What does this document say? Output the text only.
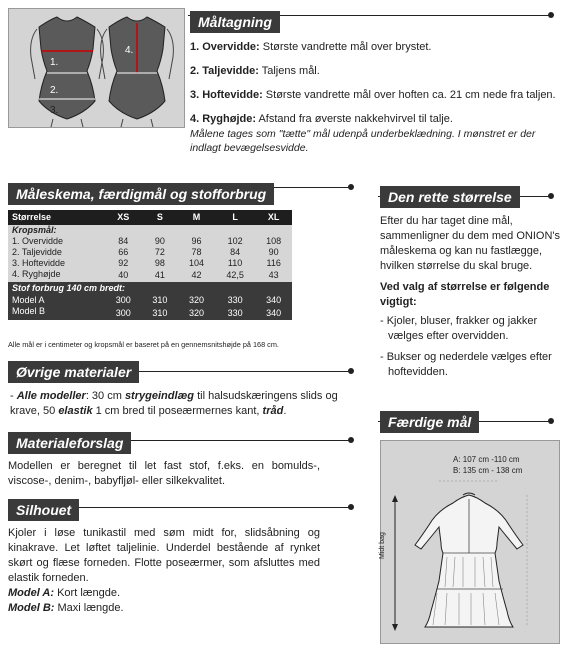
1.
2.
3.
4.
Måltagning
1. Overvidde: Største vandrette mål over brystet.
2. Taljevidde: Taljens mål.
3. Hoftevidde: Største vandrette mål over hoften ca. 21 cm nede fra taljen.
4. Ryghøjde: Afstand fra øverste nakkehvirvel til talje.
Målene tages som "tætte" mål udenpå underbeklædning. I mønstret er der indlagt bevægelsesvidde.
Måleskema, færdigmål og stofforbrug
Størrelse	XS	S	M	L	XL
Kropsmål:					
1. Overvidde	84	90	96	102	108
2. Taljevidde	66	72	78	84	90
3. Hoftevidde	92	98	104	110	116
4. Ryghøjde	40	41	42	42,5	43
Stof forbrug 140 cm bredt:					
Model A	300	310	320	330	340
Model B	300	310	320	330	340
Alle mål er i centimeter og kropsmål er baseret på en gennemsnitshøjde på 168 cm.
Øvrige materialer
- Alle modeller: 30 cm strygeindlæg til halsudskæringens slids og krave, 50 elastik 1 cm bred til poseærmernes kant, tråd.
Materialeforslag
Modellen er beregnet til let fast stof, f.eks. en bomulds-, viscose-, denim-, babyfljøl- eller silkekvalitet.
Silhouet
Kjoler i løse tunikastil med søm midt for, slidsåbning og kinakrave. Let løftet taljelinie. Underdel bestående af rynket skørt og flæse forneden. Flotte poseærmer, som afsluttes med elastik forneden.
Model A: Kort længde.
Model B: Maxi længde.
Den rette størrelse
Efter du har taget dine mål, sammenligner du dem med ONION's måleskema og kan nu fastlægge, hvilken størrelse du skal bruge.
Ved valg af størrelse er følgende vigtigt:
- Kjoler, bluser, frakker og jakker vælges efter overvidden.
- Bukser og nederdele vælges efter hoftevidden.
Færdige mål
A: 107 cm -110 cm
B: 135 cm - 138 cm
Midt bag
